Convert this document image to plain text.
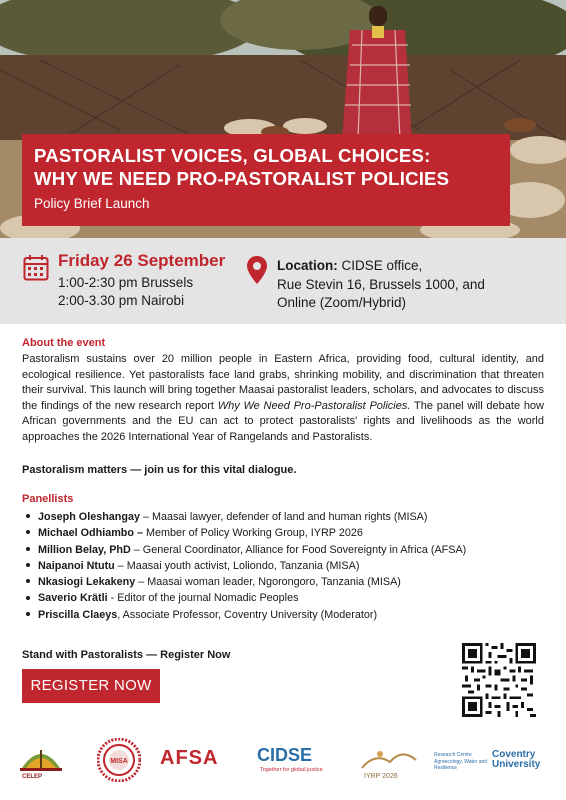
PASTORALIST VOICES, GLOBAL CHOICES:
WHY WE NEED PRO-PASTORALIST POLICIES
Policy Brief Launch
Friday 26 September
1:00-2:30 pm Brussels
2:00-3.30 pm Nairobi
Location: CIDSE office,
Rue Stevin 16, Brussels 1000, and
Online (Zoom/Hybrid)
About the event

Pastoralism sustains over 20 million people in Eastern Africa, providing food, cultural identity, and ecological resilience. Yet pastoralists face land grabs, shrinking mobility, and discrimination that threaten their survival. This launch will bring together Maasai pastoralist leaders, scholars, and advocates to discuss the findings of the new research report Why We Need Pro-Pastoralist Policies. The panel will debate how African governments and the EU can act to protect pastoralists' rights and livelihoods as the world approaches the 2026 International Year of Rangelands and Pastoralists.

Pastoralism matters — join us for this vital dialogue.
Panellists
Joseph Oleshangay – Maasai lawyer, defender of land and human rights (MISA)
Michael Odhiambo – Member of Policy Working Group, IYRP 2026
Million Belay, PhD – General Coordinator, Alliance for Food Sovereignty in Africa (AFSA)
Naipanoi Ntutu – Maasai youth activist, Loliondo, Tanzania (MISA)
Nkasiogi Lekakeny – Maasai woman leader, Ngorongoro, Tanzania (MISA)
Saverio Krätli - Editor of the journal Nomadic Peoples
Priscilla Claeys, Associate Professor, Coventry University (Moderator)
Stand with Pastoralists — Register Now
REGISTER NOW
MISA AFSA CIDSE
IYRP 2026
Research Centre Agroecology, Water and Resilience
Coventry
University
CELEP
Together for global justice
